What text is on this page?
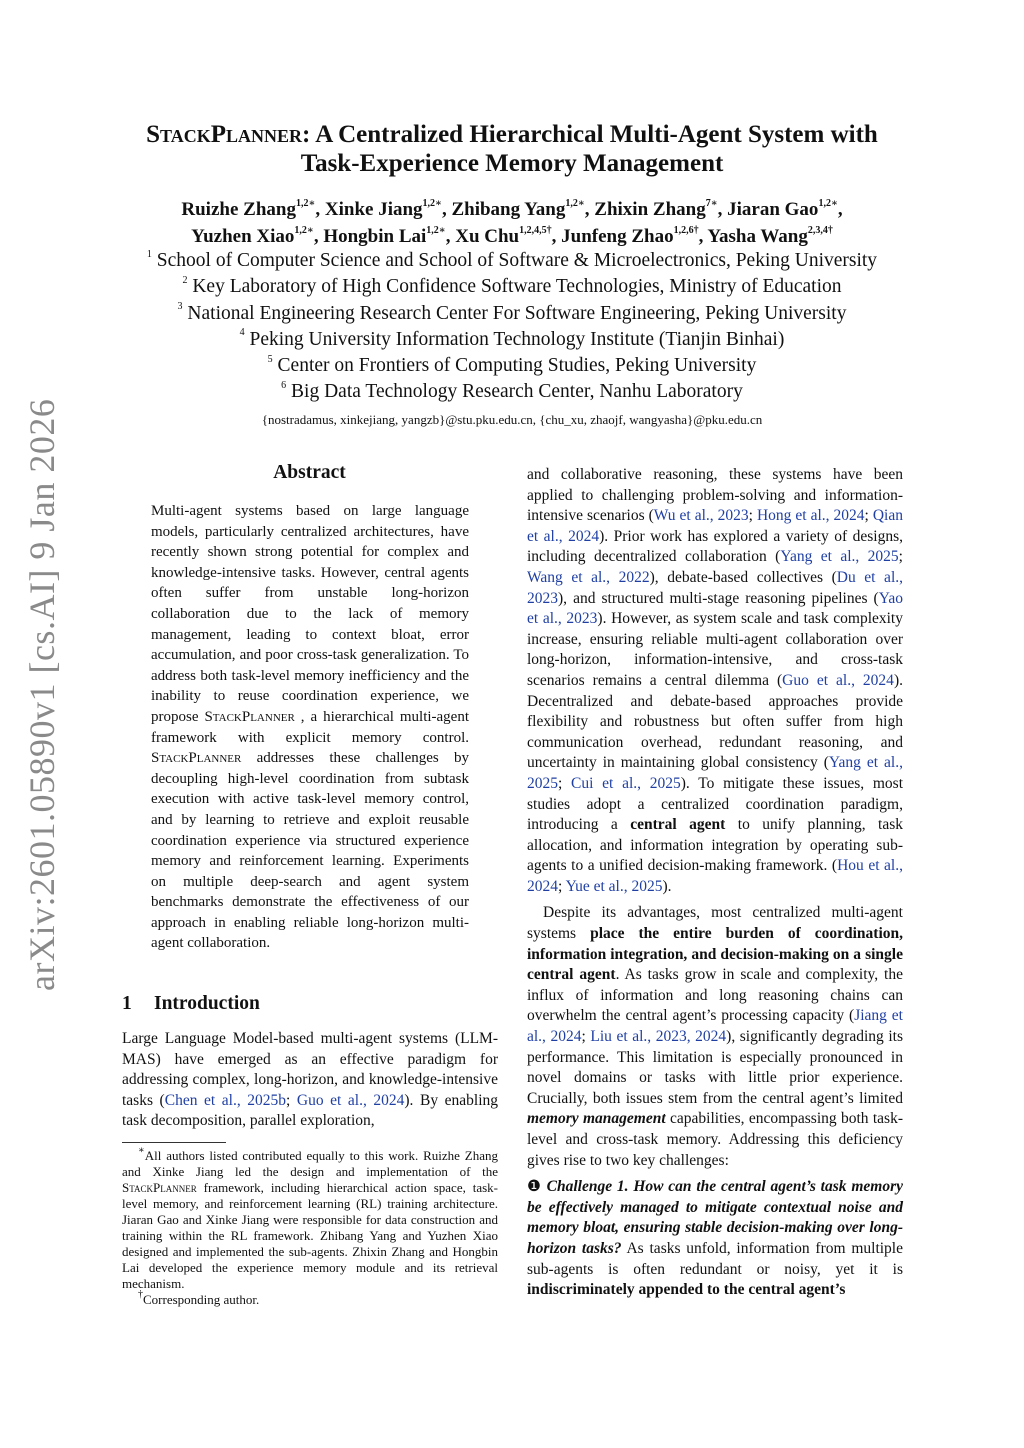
arXiv:2601.05890v1 [cs.AI] 9 Jan 2026
StackPlanner: A Centralized Hierarchical Multi-Agent System with
Task-Experience Memory Management
Ruizhe Zhang$^{1,2∗}$, Xinke Jiang$^{1,2∗}$, Zhibang Yang$^{1,2∗}$, Zhixin Zhang$^{7∗}$, Jiaran Gao$^{1,2∗}$,
Yuzhen Xiao$^{1,2∗}$, Hongbin Lai$^{1,2∗}$, Xu Chu$^{1,2,4,5\dagger}$, Junfeng Zhao$^{1,2,6\dagger}$, Yasha Wang$^{2,3,4\dagger}$
$^1$ School of Computer Science and School of Software & Microelectronics, Peking University
$^2$ Key Laboratory of High Confidence Software Technologies, Ministry of Education
$^3$ National Engineering Research Center For Software Engineering, Peking University
$^4$ Peking University Information Technology Institute (Tianjin Binhai)
$^5$ Center on Frontiers of Computing Studies, Peking University
$^6$ Big Data Technology Research Center, Nanhu Laboratory
{nostradamus, xinkejiang, yangzb}@stu.pku.edu.cn, {chu_xu, zhaojf, wangyasha}@pku.edu.cn
Abstract
Multi-agent systems based on large language models, particularly centralized architectures, have recently shown strong potential for complex and knowledge-intensive tasks. However, central agents often suffer from unstable long-horizon collaboration due to the lack of memory management, leading to context bloat, error accumulation, and poor cross-task generalization. To address both task-level memory inefficiency and the inability to reuse coordination experience, we propose StackPlanner , a hierarchical multi-agent framework with explicit memory control. StackPlanner addresses these challenges by decoupling high-level coordination from subtask execution with active task-level memory control, and by learning to retrieve and exploit reusable coordination experience via structured experience memory and reinforcement learning. Experiments on multiple deep-search and agent system benchmarks demonstrate the effectiveness of our approach in enabling reliable long-horizon multi-agent collaboration.
1 Introduction
Large Language Model-based multi-agent systems (LLM-MAS) have emerged as an effective paradigm for addressing complex, long-horizon, and knowledge-intensive tasks (Chen et al., 2025b; Guo et al., 2024). By enabling task decomposition, parallel exploration,

∗All authors listed contributed equally to this work. Ruizhe Zhang and Xinke Jiang led the design and implementation of the StackPlanner framework, including hierarchical action space, task-level memory, and reinforcement learning (RL) training architecture. Jiaran Gao and Xinke Jiang were responsible for data construction and training within the RL framework. Zhibang Yang and Yuzhen Xiao designed and implemented the sub-agents. Zhixin Zhang and Hongbin Lai developed the experience memory module and its retrieval mechanism.

†Corresponding author.

and collaborative reasoning, these systems have been applied to challenging problem-solving and information-intensive scenarios (Wu et al., 2023; Hong et al., 2024; Qian et al., 2024). Prior work has explored a variety of designs, including decentralized collaboration (Yang et al., 2025; Wang et al., 2022), debate-based collectives (Du et al., 2023), and structured multi-stage reasoning pipelines (Yao et al., 2023). However, as system scale and task complexity increase, ensuring reliable multi-agent collaboration over long-horizon, information-intensive, and cross-task scenarios remains a central dilemma (Guo et al., 2024). Decentralized and debate-based approaches provide flexibility and robustness but often suffer from high communication overhead, redundant reasoning, and uncertainty in maintaining global consistency (Yang et al., 2025; Cui et al., 2025). To mitigate these issues, most studies adopt a centralized coordination paradigm, introducing a central agent to unify planning, task allocation, and information integration by operating sub-agents to a unified decision-making framework. (Hou et al., 2024; Yue et al., 2025).

Despite its advantages, most centralized multi-agent systems place the entire burden of coordination, information integration, and decision-making on a single central agent. As tasks grow in scale and complexity, the influx of information and long reasoning chains can overwhelm the central agent’s processing capacity (Jiang et al., 2024; Liu et al., 2023, 2024), significantly degrading its performance. This limitation is especially pronounced in novel domains or tasks with little prior experience. Crucially, both issues stem from the central agent’s limited memory management capabilities, encompassing both task-level and cross-task memory. Addressing this deficiency gives rise to two key challenges:

❶ Challenge 1. How can the central agent’s task memory be effectively managed to mitigate contextual noise and memory bloat, ensuring stable decision-making over long-horizon tasks? As tasks unfold, information from multiple sub-agents is often redundant or noisy, yet it is indiscriminately appended to the central agent’s
